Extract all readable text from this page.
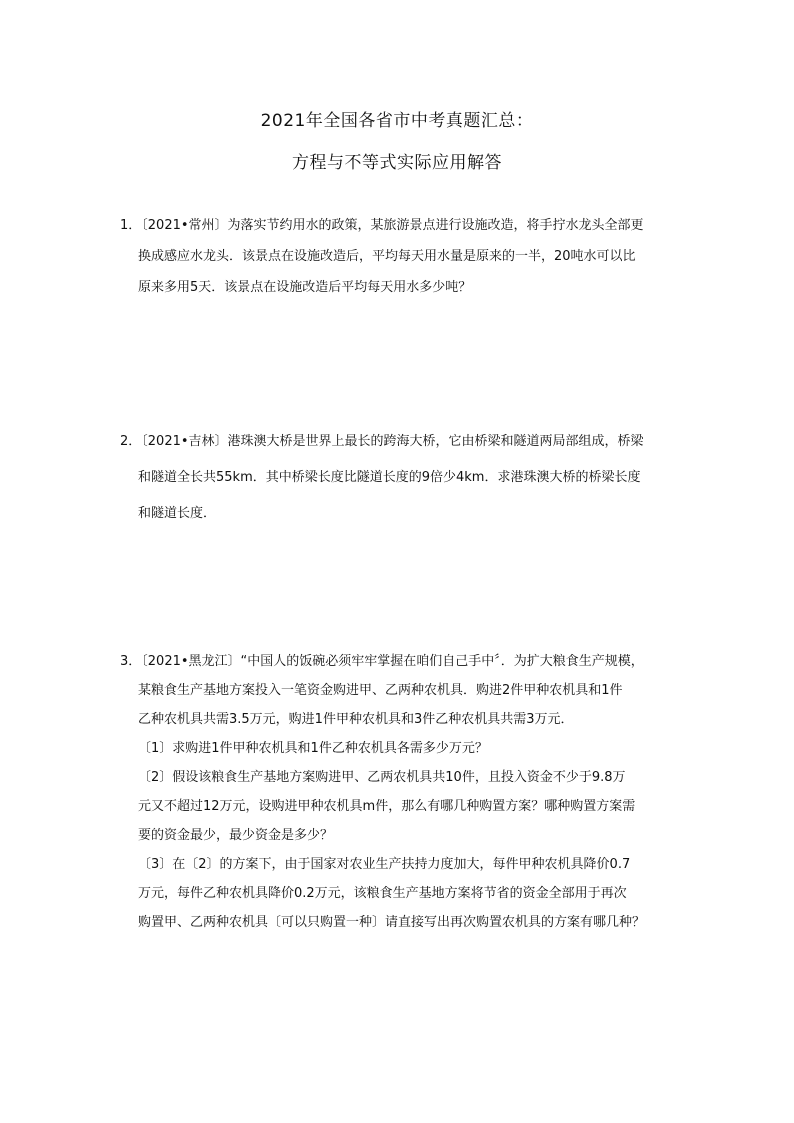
2021年全国各省市中考真题汇总：
方程与不等式实际应用解答
1．〔2021•常州〕为落实节约用水的政策，某旅游景点进行设施改造，将手拧水龙头全部更
换成感应水龙头．该景点在设施改造后，平均每天用水量是原来的一半，20吨水可以比
原来多用5天．该景点在设施改造后平均每天用水多少吨？
2．〔2021•吉林〕港珠澳大桥是世界上最长的跨海大桥，它由桥梁和隧道两局部组成，桥梁
和隧道全长共55km．其中桥梁长度比隧道长度的9倍少4km．求港珠澳大桥的桥梁长度
和隧道长度．
3．〔2021•黑龙江〕“中国人的饭碗必须牢牢掌握在咱们自己手中〞．为扩大粮食生产规模，
某粮食生产基地方案投入一笔资金购进甲、乙两种农机具．购进2件甲种农机具和1件
乙种农机具共需3.5万元，购进1件甲种农机具和3件乙种农机具共需3万元．
〔1〕求购进1件甲种农机具和1件乙种农机具各需多少万元？
〔2〕假设该粮食生产基地方案购进甲、乙两农机具共10件，且投入资金不少于9.8万
元又不超过12万元，设购进甲种农机具m件，那么有哪几种购置方案？哪种购置方案需
要的资金最少，最少资金是多少？
〔3〕在〔2〕的方案下，由于国家对农业生产扶持力度加大，每件甲种农机具降价0.7
万元，每件乙种农机具降价0.2万元，该粮食生产基地方案将节省的资金全部用于再次
购置甲、乙两种农机具〔可以只购置一种〕请直接写出再次购置农机具的方案有哪几种？
